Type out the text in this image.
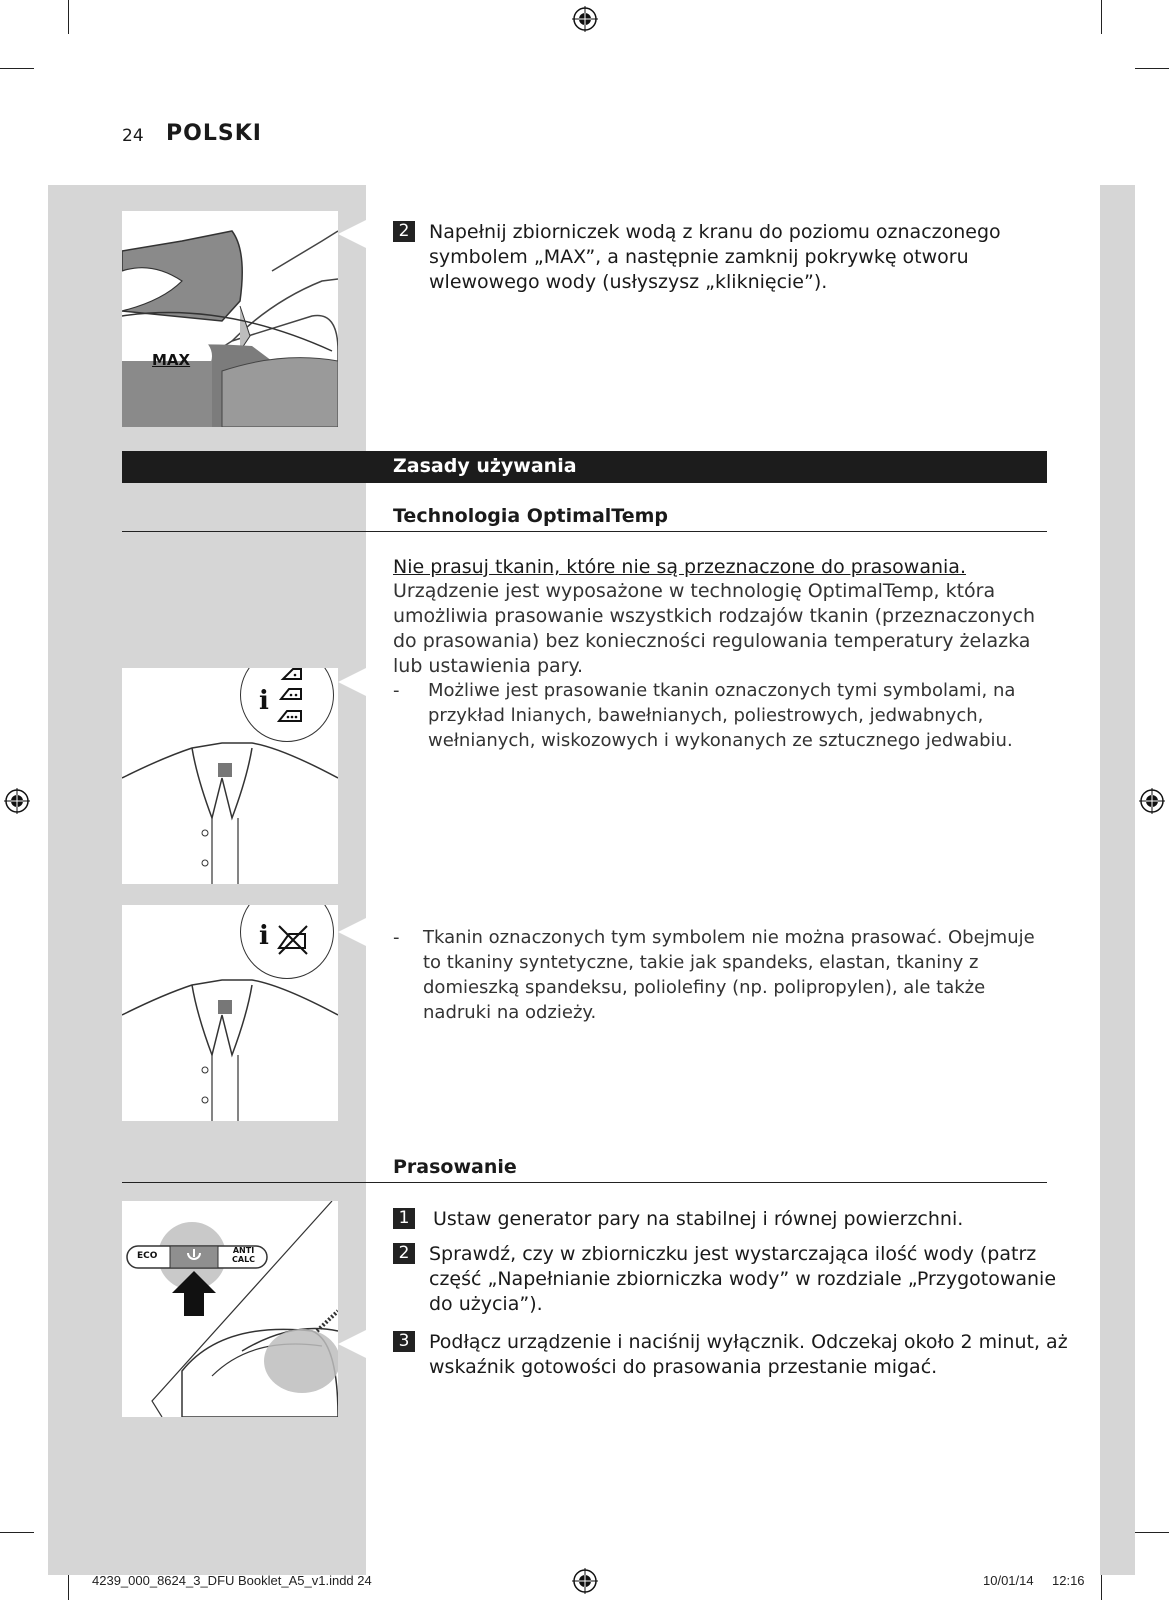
24 POLSKI
MAX
2 Napełnij zbiorniczek wodą z kranu do poziomu oznaczonego symbolem „MAX”, a następnie zamknij pokrywkę otworu wlewowego wody (usłyszysz „kliknięcie”).
Zasady używania
Technologia OptimalTemp
Nie prasuj tkanin, które nie są przeznaczone do prasowania.
Urządzenie jest wyposażone w technologię OptimalTemp, która umożliwia prasowanie wszystkich rodzajów tkanin (przeznaczonych do prasowania) bez konieczności regulowania temperatury żelazka lub ustawienia pary.
i	- Możliwe jest prasowanie tkanin oznaczonych tymi symbolami, na przykład lnianych, bawełnianych, poliestrowych, jedwabnych, wełnianych, wiskozowych i wykonanych ze sztucznego jedwabiu.
i	- Tkanin oznaczonych tym symbolem nie można prasować. Obejmuje to tkaniny syntetyczne, takie jak spandeks, elastan, tkaniny z domieszką spandeksu, poliolefiny (np. polipropylen), ale także nadruki na odzieży.
Prasowanie
ECO
ANTI
CALC
1 Ustaw generator pary na stabilnej i równej powierzchni.
2 Sprawdź, czy w zbiorniczku jest wystarczająca ilość wody (patrz część „Napełnianie zbiorniczka wody” w rozdziale „Przygotowanie do użycia”).
3 Podłącz urządzenie i naciśnij wyłącznik. Odczekaj około 2 minut, aż wskaźnik gotowości do prasowania przestanie migać.
4239_000_8624_3_DFU Booklet_A5_v1.indd 24	10/01/14 12:16
